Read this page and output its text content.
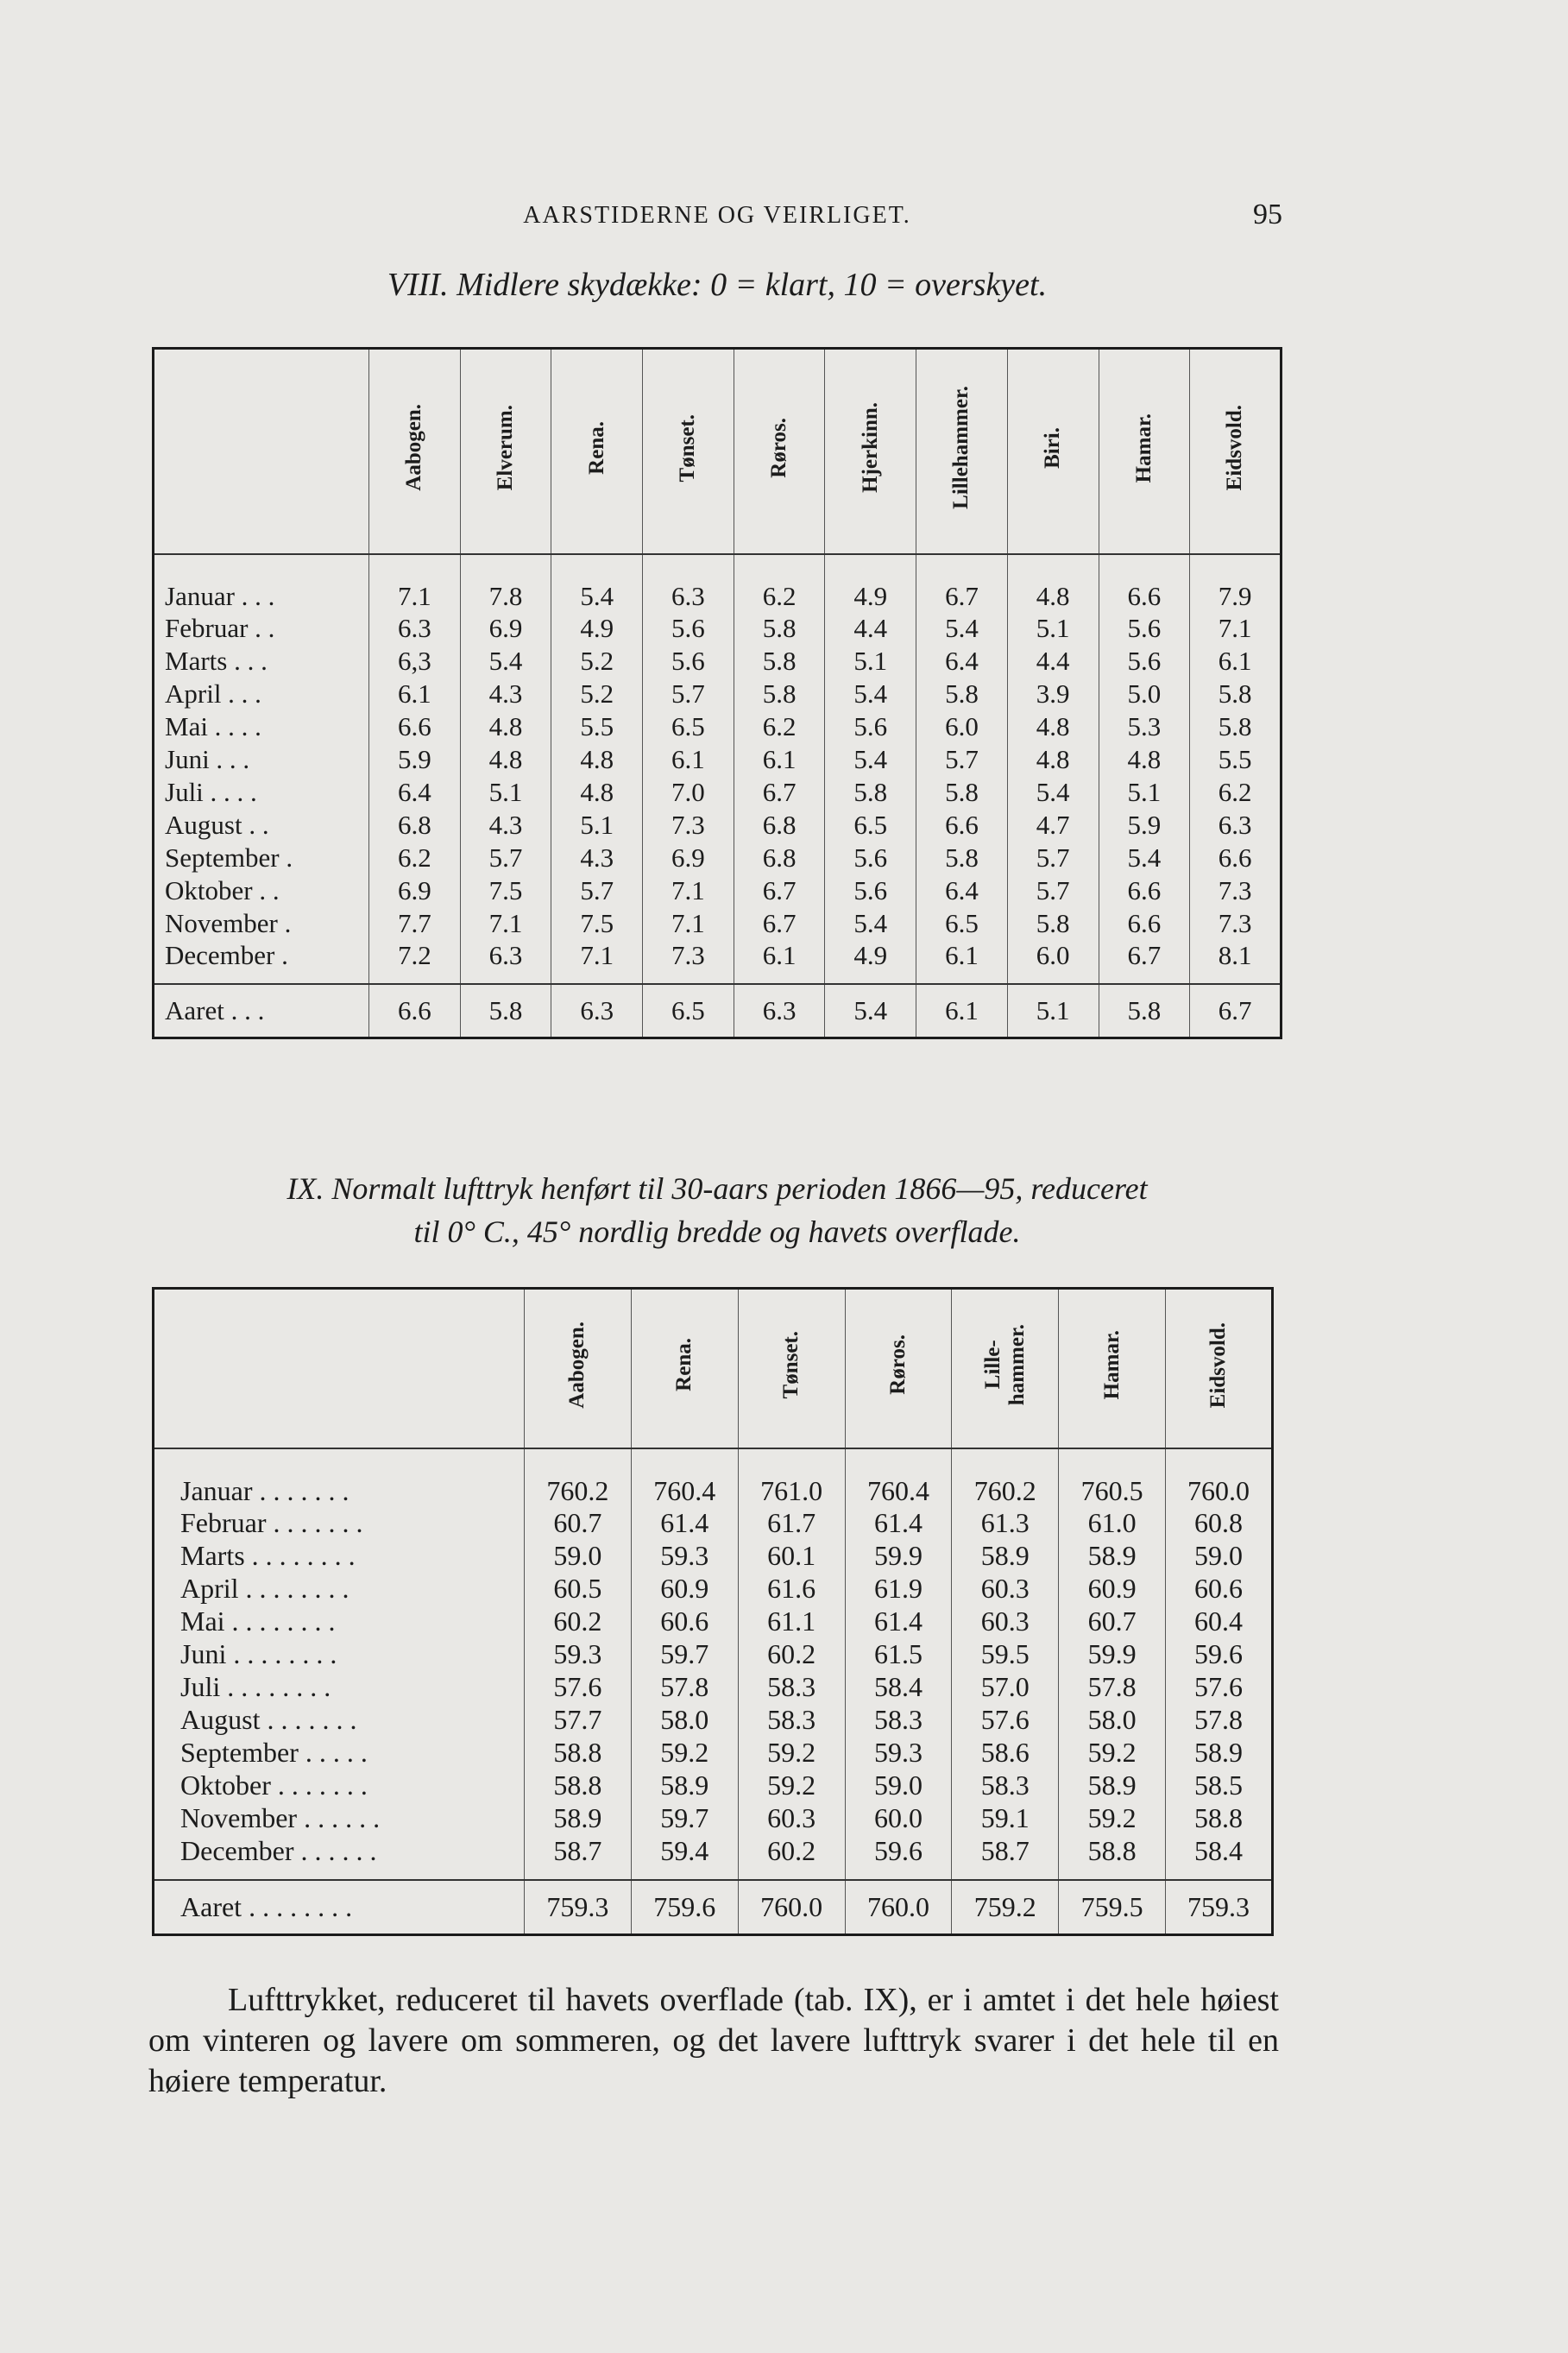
AARSTIDERNE OG VEIRLIGET.	95
VIII. Midlere skydække: 0 = klart, 10 = overskyet.
	Aabogen.	Elverum.	Rena.	Tønset.	Røros.	Hjerkinn.	Lillehammer.	Biri.	Hamar.	Eidsvold.
Januar . . .	7.1	7.8	5.4	6.3	6.2	4.9	6.7	4.8	6.6	7.9
Februar . .	6.3	6.9	4.9	5.6	5.8	4.4	5.4	5.1	5.6	7.1
Marts . . .	6,3	5.4	5.2	5.6	5.8	5.1	6.4	4.4	5.6	6.1
April . . .	6.1	4.3	5.2	5.7	5.8	5.4	5.8	3.9	5.0	5.8
Mai . . . .	6.6	4.8	5.5	6.5	6.2	5.6	6.0	4.8	5.3	5.8
Juni . . .	5.9	4.8	4.8	6.1	6.1	5.4	5.7	4.8	4.8	5.5
Juli . . . .	6.4	5.1	4.8	7.0	6.7	5.8	5.8	5.4	5.1	6.2
August . .	6.8	4.3	5.1	7.3	6.8	6.5	6.6	4.7	5.9	6.3
September .	6.2	5.7	4.3	6.9	6.8	5.6	5.8	5.7	5.4	6.6
Oktober . .	6.9	7.5	5.7	7.1	6.7	5.6	6.4	5.7	6.6	7.3
November .	7.7	7.1	7.5	7.1	6.7	5.4	6.5	5.8	6.6	7.3
December .	7.2	6.3	7.1	7.3	6.1	4.9	6.1	6.0	6.7	8.1
Aaret . . .	6.6	5.8	6.3	6.5	6.3	5.4	6.1	5.1	5.8	6.7
IX. Normalt lufttryk henført til 30-aars perioden 1866—95, reduceret
til 0° C., 45° nordlig bredde og havets overflade.
	Aabogen.	Rena.	Tønset.	Røros.	Lille-
hammer.	Hamar.	Eidsvold.
Januar . . . . . . .	760.2	760.4	761.0	760.4	760.2	760.5	760.0
Februar . . . . . . .	60.7	61.4	61.7	61.4	61.3	61.0	60.8
Marts . . . . . . . .	59.0	59.3	60.1	59.9	58.9	58.9	59.0
April . . . . . . . .	60.5	60.9	61.6	61.9	60.3	60.9	60.6
Mai . . . . . . . .	60.2	60.6	61.1	61.4	60.3	60.7	60.4
Juni . . . . . . . .	59.3	59.7	60.2	61.5	59.5	59.9	59.6
Juli . . . . . . . .	57.6	57.8	58.3	58.4	57.0	57.8	57.6
August . . . . . . .	57.7	58.0	58.3	58.3	57.6	58.0	57.8
September . . . . .	58.8	59.2	59.2	59.3	58.6	59.2	58.9
Oktober . . . . . . .	58.8	58.9	59.2	59.0	58.3	58.9	58.5
November . . . . . .	58.9	59.7	60.3	60.0	59.1	59.2	58.8
December . . . . . .	58.7	59.4	60.2	59.6	58.7	58.8	58.4
Aaret . . . . . . . .	759.3	759.6	760.0	760.0	759.2	759.5	759.3

Lufttrykket, reduceret til havets overflade (tab. IX), er i amtet i det hele høiest om vinteren og lavere om sommeren, og det lavere lufttryk svarer i det hele til en høiere temperatur.
